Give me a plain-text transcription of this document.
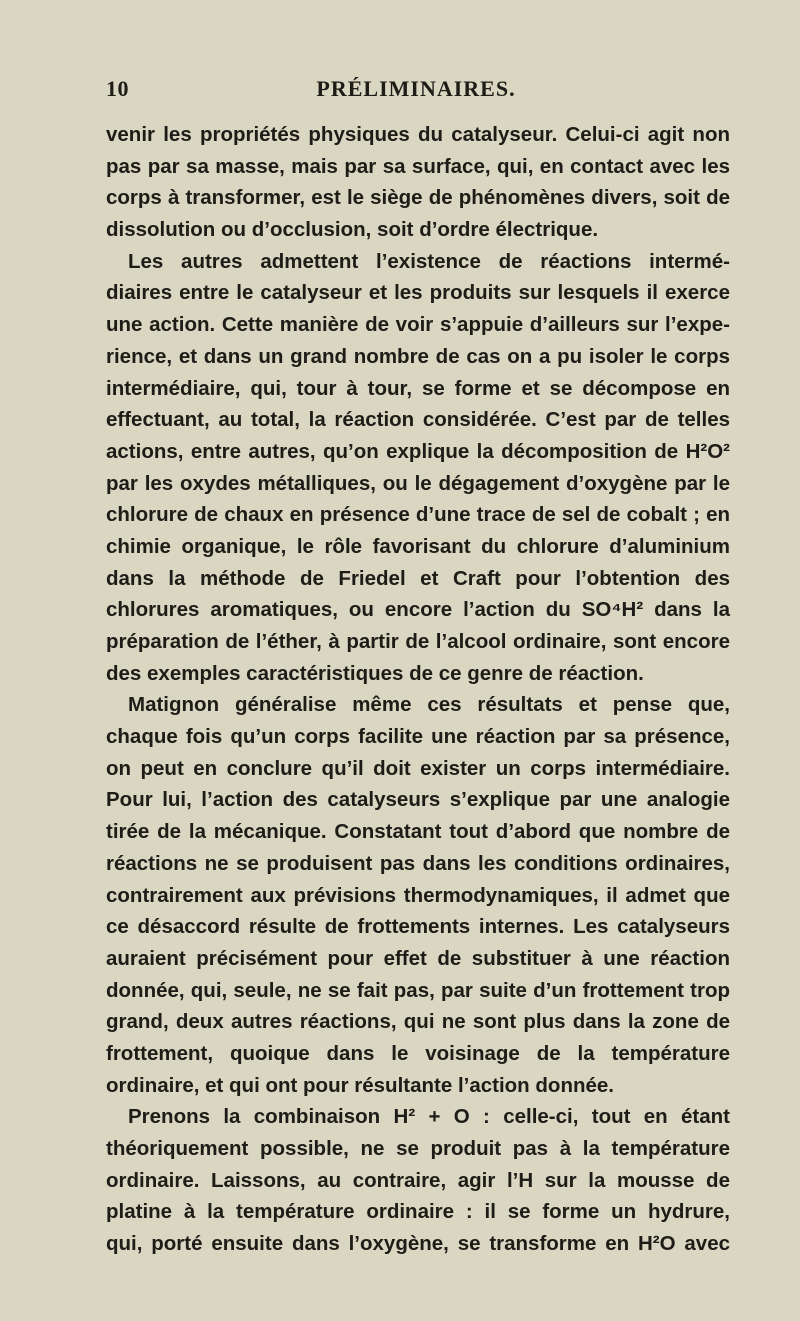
10	PRÉLIMINAIRES.
venir les propriétés physiques du catalyseur. Celui-ci agit non
pas par sa masse, mais par sa surface, qui, en contact avec les
corps à transformer, est le siège de phénomènes divers, soit de
dissolution ou d’occlusion, soit d’ordre électrique.
Les autres admettent l’existence de réactions intermé-
diaires entre le catalyseur et les produits sur lesquels il exerce
une action. Cette manière de voir s’appuie d’ailleurs sur l’expe-
rience, et dans un grand nombre de cas on a pu isoler le corps
intermédiaire, qui, tour à tour, se forme et se décompose en
effectuant, au total, la réaction considérée. C’est par de telles
actions, entre autres, qu’on explique la décomposition de H²O²
par les oxydes métalliques, ou le dégagement d’oxygène par le
chlorure de chaux en présence d’une trace de sel de cobalt ; en
chimie organique, le rôle favorisant du chlorure d’aluminium
dans la méthode de Friedel et Craft pour l’obtention des
chlorures aromatiques, ou encore l’action du SO⁴H² dans la
préparation de l’éther, à partir de l’alcool ordinaire, sont encore
des exemples caractéristiques de ce genre de réaction.
Matignon généralise même ces résultats et pense que,
chaque fois qu’un corps facilite une réaction par sa présence,
on peut en conclure qu’il doit exister un corps intermédiaire.
Pour lui, l’action des catalyseurs s’explique par une analogie
tirée de la mécanique. Constatant tout d’abord que nombre de
réactions ne se produisent pas dans les conditions ordinaires,
contrairement aux prévisions thermodynamiques, il admet que
ce désaccord résulte de frottements internes. Les catalyseurs
auraient précisément pour effet de substituer à une réaction
donnée, qui, seule, ne se fait pas, par suite d’un frottement trop
grand, deux autres réactions, qui ne sont plus dans la zone de
frottement, quoique dans le voisinage de la température
ordinaire, et qui ont pour résultante l’action donnée.
Prenons la combinaison H² + O : celle-ci, tout en étant
théoriquement possible, ne se produit pas à la température
ordinaire. Laissons, au contraire, agir l’H sur la mousse de
platine à la température ordinaire : il se forme un hydrure,
qui, porté ensuite dans l’oxygène, se transforme en H²O avec
